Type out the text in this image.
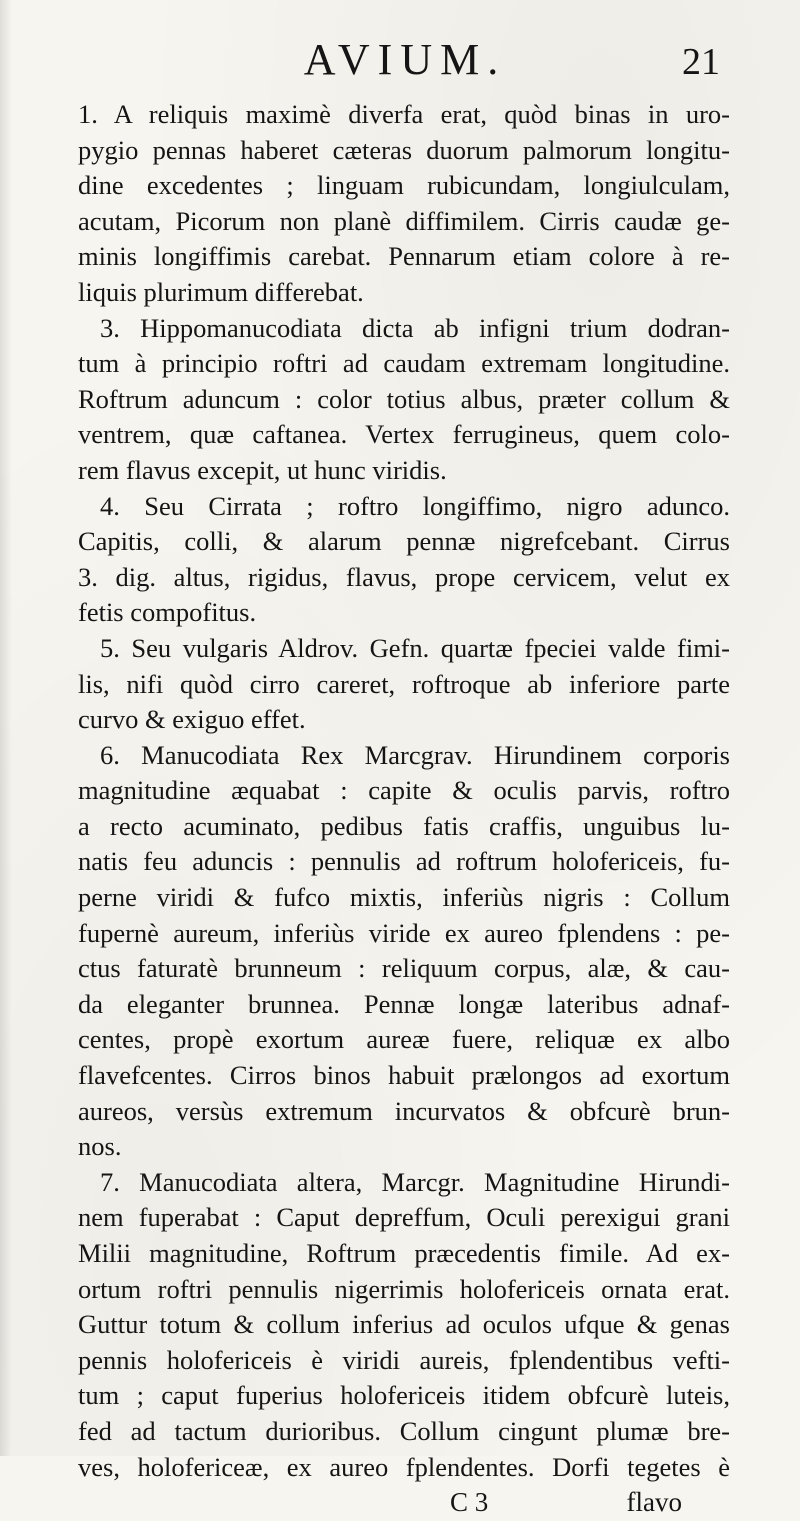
AVIUM.	21
1. A reliquis maximè diverfa erat, quòd binas in uro-
pygio pennas haberet cæteras duorum palmorum longitu-
dine excedentes ; linguam rubicundam, longiulculam,
acutam, Picorum non planè diffimilem. Cirris caudæ ge-
minis longiffimis carebat. Pennarum etiam colore à re-
liquis plurimum differebat.
3. Hippomanucodiata dicta ab infigni trium dodran-
tum à principio roftri ad caudam extremam longitudine.
Roftrum aduncum : color totius albus, præter collum &
ventrem, quæ caftanea. Vertex ferrugineus, quem colo-
rem flavus excepit, ut hunc viridis.
4. Seu Cirrata ; roftro longiffimo, nigro adunco.
Capitis, colli, & alarum pennæ nigrefcebant. Cirrus
3. dig. altus, rigidus, flavus, prope cervicem, velut ex
fetis compofitus.
5. Seu vulgaris Aldrov. Gefn. quartæ fpeciei valde fimi-
lis, nifi quòd cirro careret, roftroque ab inferiore parte
curvo & exiguo effet.
6. Manucodiata Rex Marcgrav. Hirundinem corporis
magnitudine æquabat : capite & oculis parvis, roftro
a recto acuminato, pedibus fatis craffis, unguibus lu-
natis feu aduncis : pennulis ad roftrum holofericeis, fu-
perne viridi & fufco mixtis, inferiùs nigris : Collum
fupernè aureum, inferiùs viride ex aureo fplendens : pe-
ctus faturatè brunneum : reliquum corpus, alæ, & cau-
da eleganter brunnea. Pennæ longæ lateribus adnaf-
centes, propè exortum aureæ fuere, reliquæ ex albo
flavefcentes. Cirros binos habuit prælongos ad exortum
aureos, versùs extremum incurvatos & obfcurè brun-
nos.
7. Manucodiata altera, Marcgr. Magnitudine Hirundi-
nem fuperabat : Caput depreffum, Oculi perexigui grani
Milii magnitudine, Roftrum præcedentis fimile. Ad ex-
ortum roftri pennulis nigerrimis holofericeis ornata erat.
Guttur totum & collum inferius ad oculos ufque & genas
pennis holofericeis è viridi aureis, fplendentibus vefti-
tum ; caput fuperius holofericeis itidem obfcurè luteis,
fed ad tactum durioribus. Collum cingunt plumæ bre-
ves, holofericeæ, ex aureo fplendentes. Dorfi tegetes è
C 3	flavo
